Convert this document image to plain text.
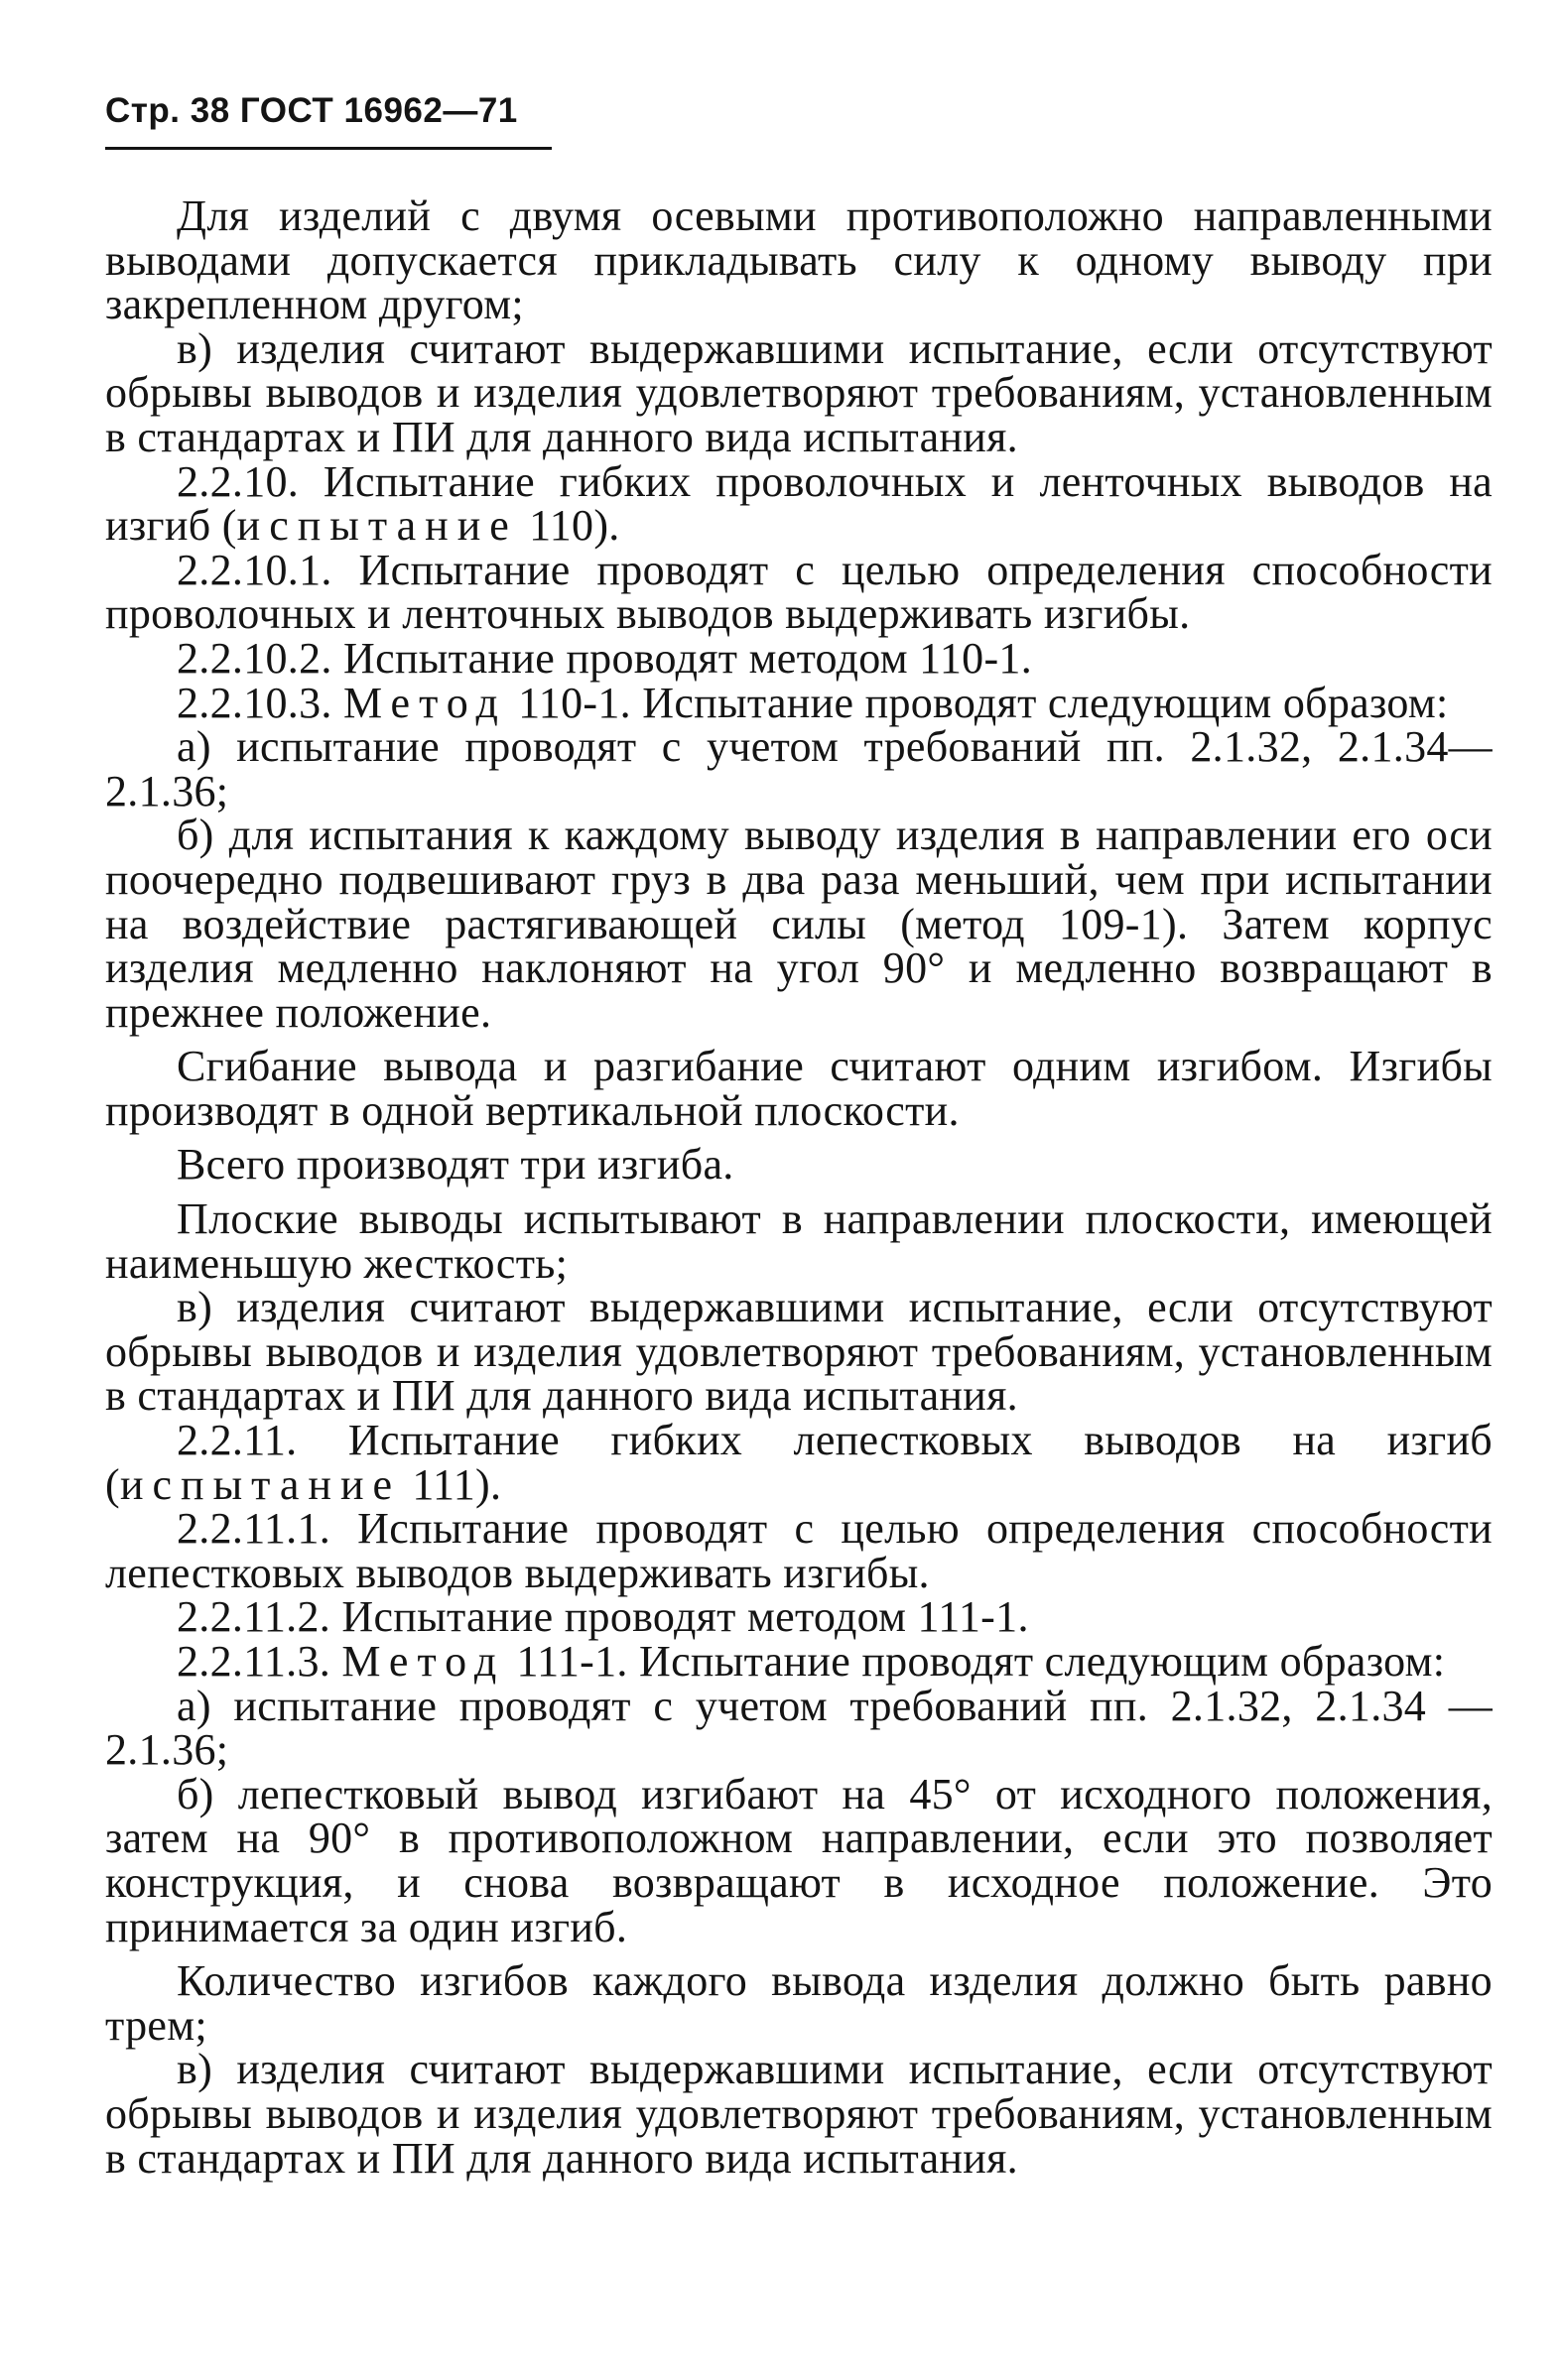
Стр. 38 ГОСТ 16962—71

Для изделий с двумя осевыми противоположно направленными выводами допускается прикладывать силу к одному выводу при закрепленном другом;

в) изделия считают выдержавшими испытание, если отсутствуют обрывы выводов и изделия удовлетворяют требованиям, установленным в стандартах и ПИ для данного вида испытания.

2.2.10. Испытание гибких проволочных и ленточных выводов на изгиб (испытание 110).

2.2.10.1. Испытание проводят с целью определения способности проволочных и ленточных выводов выдерживать изгибы.

2.2.10.2. Испытание проводят методом 110-1.

2.2.10.3. Метод 110-1. Испытание проводят следующим образом:

а) испытание проводят с учетом требований пп. 2.1.32, 2.1.34—2.1.36;

б) для испытания к каждому выводу изделия в направлении его оси поочередно подвешивают груз в два раза меньший, чем при испытании на воздействие растягивающей силы (метод 109-1). Затем корпус изделия медленно наклоняют на угол 90° и медленно возвращают в прежнее положение.

Сгибание вывода и разгибание считают одним изгибом. Изгибы производят в одной вертикальной плоскости.

Всего производят три изгиба.

Плоские выводы испытывают в направлении плоскости, имеющей наименьшую жесткость;

в) изделия считают выдержавшими испытание, если отсутствуют обрывы выводов и изделия удовлетворяют требованиям, установленным в стандартах и ПИ для данного вида испытания.

2.2.11. Испытание гибких лепестковых выводов на изгиб (испытание 111).

2.2.11.1. Испытание проводят с целью определения способности лепестковых выводов выдерживать изгибы.

2.2.11.2. Испытание проводят методом 111-1.

2.2.11.3. Метод 111-1. Испытание проводят следующим образом:

а) испытание проводят с учетом требований пп. 2.1.32, 2.1.34 — 2.1.36;

б) лепестковый вывод изгибают на 45° от исходного положения, затем на 90° в противоположном направлении, если это позволяет конструкция, и снова возвращают в исходное положение. Это принимается за один изгиб.

Количество изгибов каждого вывода изделия должно быть равно трем;

в) изделия считают выдержавшими испытание, если отсутствуют обрывы выводов и изделия удовлетворяют требованиям, установленным в стандартах и ПИ для данного вида испытания.
